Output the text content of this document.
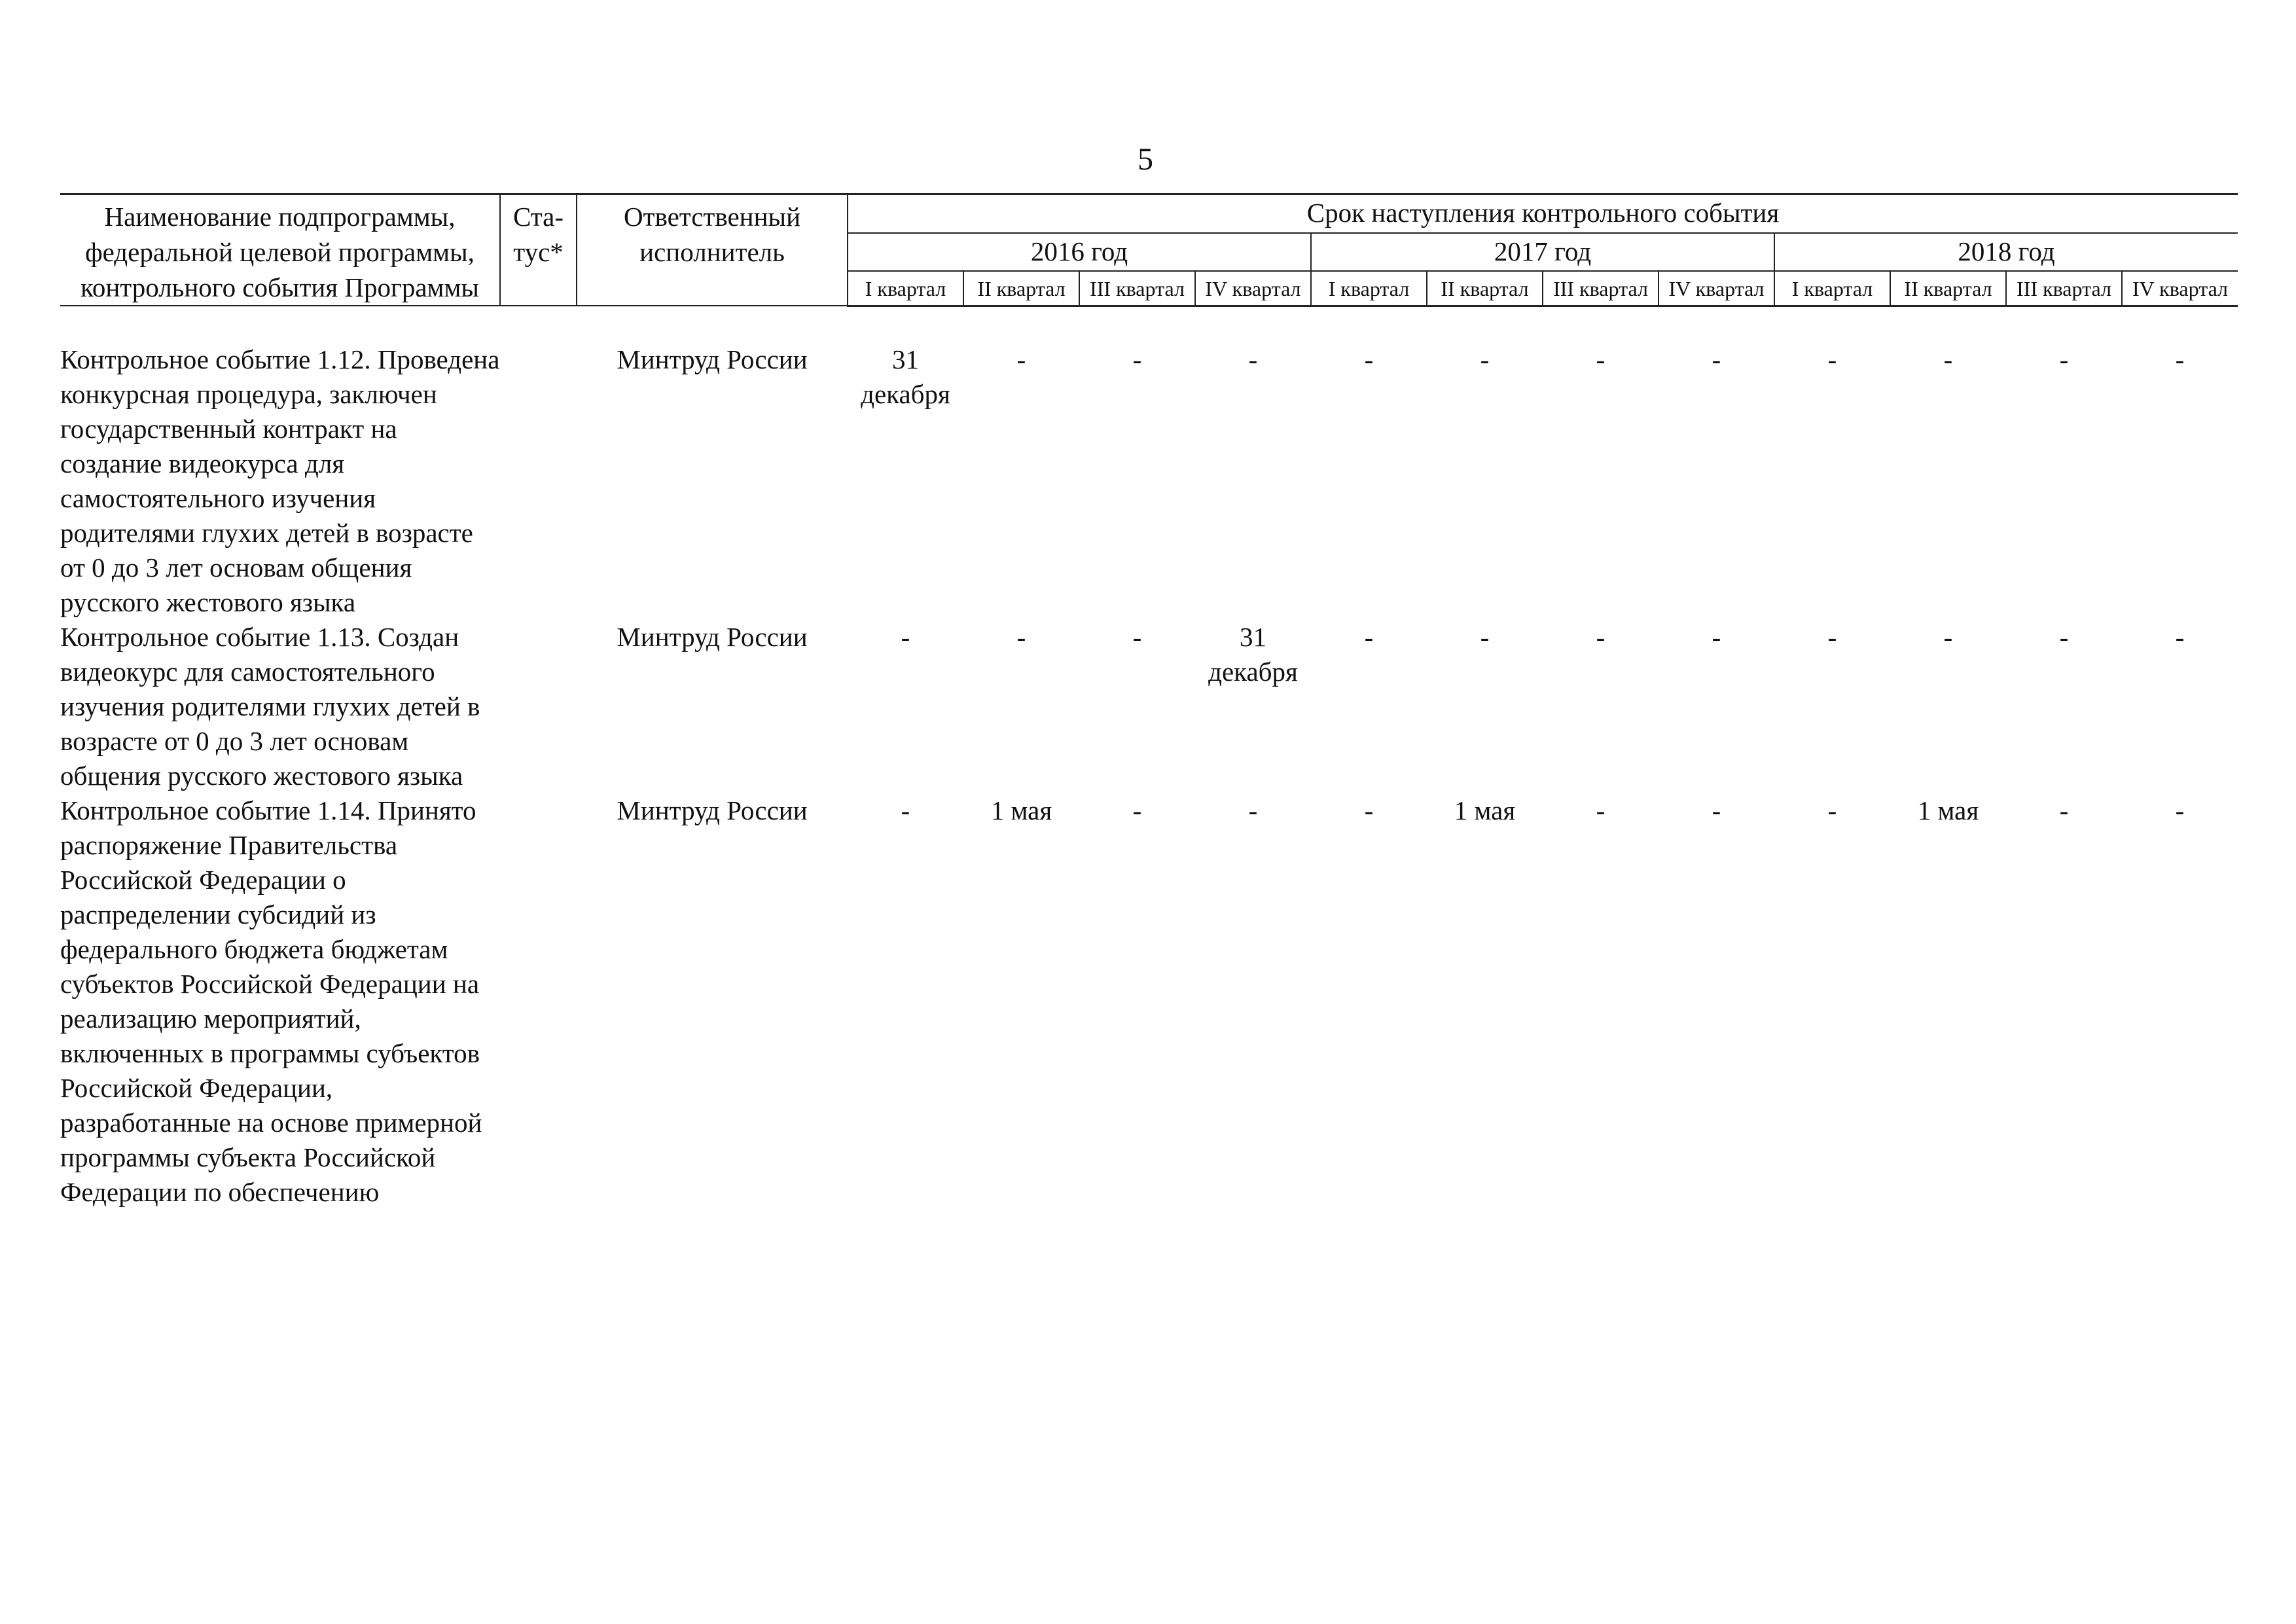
5
Наименование подпрограммы, федеральной целевой программы, контрольного события Программы	Ста-тус*	Ответственный исполнитель	Срок наступления контрольного события											
			2016 год				2017 год				2018 год			
			I квартал	II квартал	III квартал	IV квартал	I квартал	II квартал	III квартал	IV квартал	I квартал	II квартал	III квартал	IV квартал

Контрольное событие 1.12. Проведена конкурсная процедура, заключен государственный контракт на создание видеокурса для самостоятельного изучения родителями глухих детей в возрасте от 0 до 3 лет основам общения русского жестового языка		Минтруд России	31 декабря	-	-	-	-	-	-	-	-	-	-	-
Контрольное событие 1.13. Создан видеокурс для самостоятельного изучения родителями глухих детей в возрасте от 0 до 3 лет основам общения русского жестового языка		Минтруд России	-	-	-	31 декабря	-	-	-	-	-	-	-	-
Контрольное событие 1.14. Принято распоряжение Правительства Российской Федерации о распределении субсидий из федерального бюджета бюджетам субъектов Российской Федерации на реализацию мероприятий, включенных в программы субъектов Российской Федерации, разработанные на основе примерной программы субъекта Российской Федерации по обеспечению		Минтруд России	-	1 мая	-	-	-	1 мая	-	-	-	1 мая	-	-
